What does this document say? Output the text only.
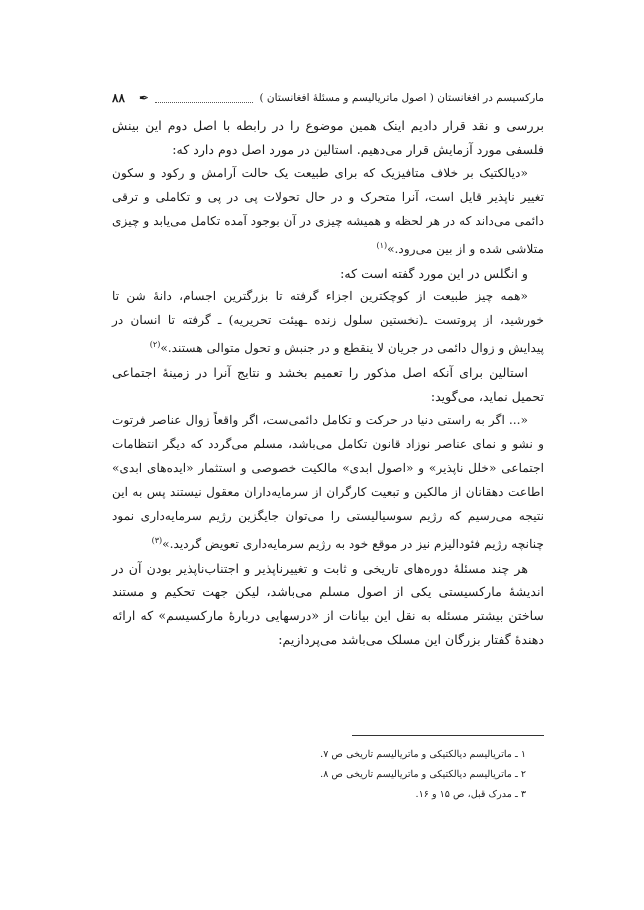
مارکسیسم در افغانستان ( اصول ماتریالیسم و مسئلهٔ افغانستان )
✒
۸۸

بررسی و نقد قرار دادیم اینک همین موضوع را در رابطه با اصل دوم این بینش فلسفی مورد آزمایش قرار می‌دهیم. استالین در مورد اصل دوم دارد که:

«دیالکتیک بر خلاف متافیزیک که برای طبیعت یک حالت آرامش و رکود و سکون تغییر ناپذیر قایل است، آنرا متحرک و در حال تحولات پی در پی و تکاملی و ترقی دائمی می‌داند که در هر لحظه و همیشه چیزی در آن بوجود آمده تکامل می‌یابد و چیزی متلاشی شده و از بین می‌رود.»$^{(۱)}$

و انگلس در این مورد گفته است که:

«همه چیز طبیعت از کوچکترین اجزاء گرفته تا بزرگترین اجسام، دانهٔ شن تا خورشید، از پروتست ـ(نخستین سلول زنده ـهیئت تحریریه) ـ گرفته تا انسان در پیدایش و زوال دائمی در جریان لا ینقطع و در جنبش و تحول متوالی هستند.»$^{(۲)}$

استالین برای آنکه اصل مذکور را تعمیم بخشد و نتایج آنرا در زمینهٔ اجتماعی تحمیل نماید، می‌گوید:

«... اگر به راستی دنیا در حرکت و تکامل دائمی‌ست، اگر واقعاً زوال عناصر فرتوت و نشو و نمای عناصر نوزاد قانون تکامل می‌باشد، مسلم می‌گردد که دیگر انتظامات اجتماعی «خلل ناپذیر» و «اصول ابدی» مالکیت خصوصی و استثمار «ایده‌های ابدی» اطاعت دهقانان از مالکین و تبعیت کارگران از سرمایه‌داران معقول نیستند پس به این نتیجه می‌رسیم که رژیم سوسیالیستی را می‌توان جایگزین رژیم سرمایه‌داری نمود چنانچه رژیم فئودالیزم نیز در موقع خود به رژیم سرمایه‌داری تعویض گردید.»$^{(۳)}$

هر چند مسئلهٔ دوره‌های تاریخی و ثابت و تغییرناپذیر و اجتناب‌ناپذیر بودن آن در اندیشهٔ مارکسیستی یکی از اصول مسلم می‌باشد، لیکن جهت تحکیم و مستند ساختن بیشتر مسئله به نقل این بیانات از «درسهایی دربارهٔ مارکسیسم» که ارائه دهندهٔ گفتار بزرگان این مسلک می‌باشد می‌پردازیم:

۱ ـ ماتریالیسم دیالکتیکی و ماتریالیسم تاریخی ص ۷.
۲ ـ ماتریالیسم دیالکتیکی و ماتریالیسم تاریخی ص ۸.
۳ ـ مدرک قبل، ص ۱۵ و ۱۶.
